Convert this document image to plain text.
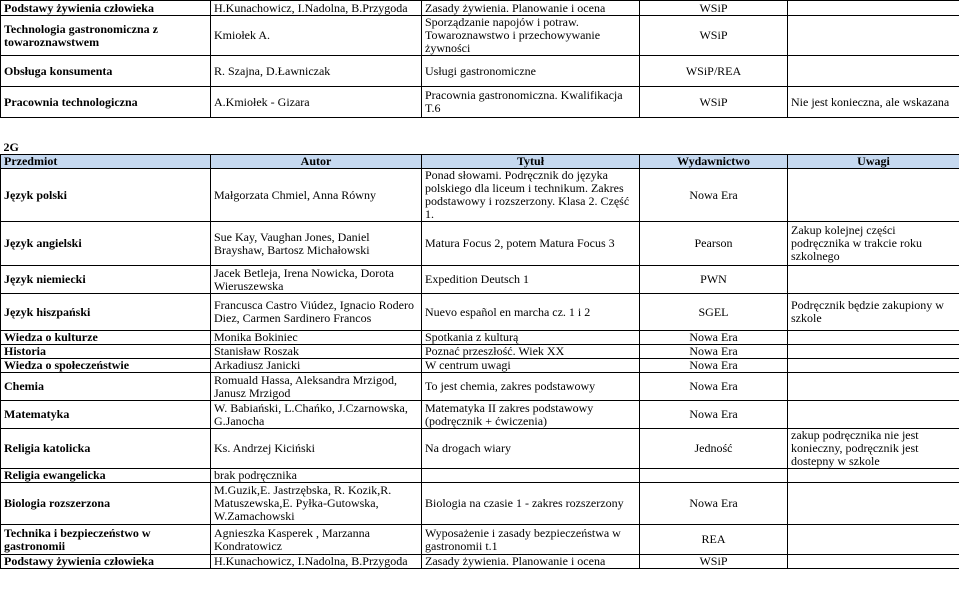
Podstawy żywienia człowieka	H.Kunachowicz, I.Nadolna, B.Przygoda	Zasady żywienia. Planowanie i ocena	WSiP	
Technologia gastronomiczna z towaroznawstwem	Kmiołek A.	Sporządzanie napojów i potraw. Towaroznawstwo i przechowywanie żywności	WSiP	
Obsługa konsumenta	R. Szajna, D.Ławniczak	Usługi gastronomiczne	WSiP/REA	
Pracownia technologiczna	A.Kmiołek - Gizara	Pracownia gastronomiczna. Kwalifikacja T.6	WSiP	Nie jest konieczna, ale wskazana

2G				
Przedmiot	Autor	Tytuł	Wydawnictwo	Uwagi
Język polski	Małgorzata Chmiel, Anna Równy	Ponad słowami. Podręcznik do języka polskiego dla liceum i technikum. Zakres podstawowy i rozszerzony. Klasa 2. Część 1.	Nowa Era	
Język angielski	Sue Kay, Vaughan Jones, Daniel Brayshaw, Bartosz Michałowski	Matura Focus 2, potem Matura Focus 3	Pearson	Zakup kolejnej części podręcznika w trakcie roku szkolnego
Język niemiecki	Jacek Betleja, Irena Nowicka, Dorota Wieruszewska	Expedition Deutsch 1	PWN	
Język hiszpański	Francusca Castro Viúdez, Ignacio Rodero Diez, Carmen Sardinero Francos	Nuevo español en marcha cz. 1 i 2	SGEL	Podręcznik będzie zakupiony w szkole
Wiedza o kulturze	Monika Bokiniec	Spotkania z kulturą	Nowa Era	
Historia	Stanisław Roszak	Poznać przeszłość. Wiek XX	Nowa Era	
Wiedza o społeczeństwie	Arkadiusz Janicki	W centrum uwagi	Nowa Era	
Chemia	Romuald Hassa, Aleksandra Mrzigod, Janusz Mrzigod	To jest chemia, zakres podstawowy	Nowa Era	
Matematyka	W. Babiański, L.Chańko, J.Czarnowska, G.Janocha	Matematyka II zakres podstawowy (podręcznik + ćwiczenia)	Nowa Era	
Religia katolicka	Ks. Andrzej Kiciński	Na drogach wiary	Jedność	zakup podręcznika nie jest konieczny, podręcznik jest dostepny w szkole
Religia ewangelicka	brak podręcznika			
Biologia rozszerzona	M.Guzik,E. Jastrzębska, R. Kozik,R. Matuszewska,E. Pyłka-Gutowska, W.Zamachowski	Biologia na czasie 1 - zakres rozszerzony	Nowa Era	
Technika i bezpieczeństwo w gastronomii	Agnieszka Kasperek , Marzanna Kondratowicz	Wyposażenie i zasady bezpieczeństwa w gastronomii t.1	REA	
Podstawy żywienia człowieka	H.Kunachowicz, I.Nadolna, B.Przygoda	Zasady żywienia. Planowanie i ocena	WSiP	
